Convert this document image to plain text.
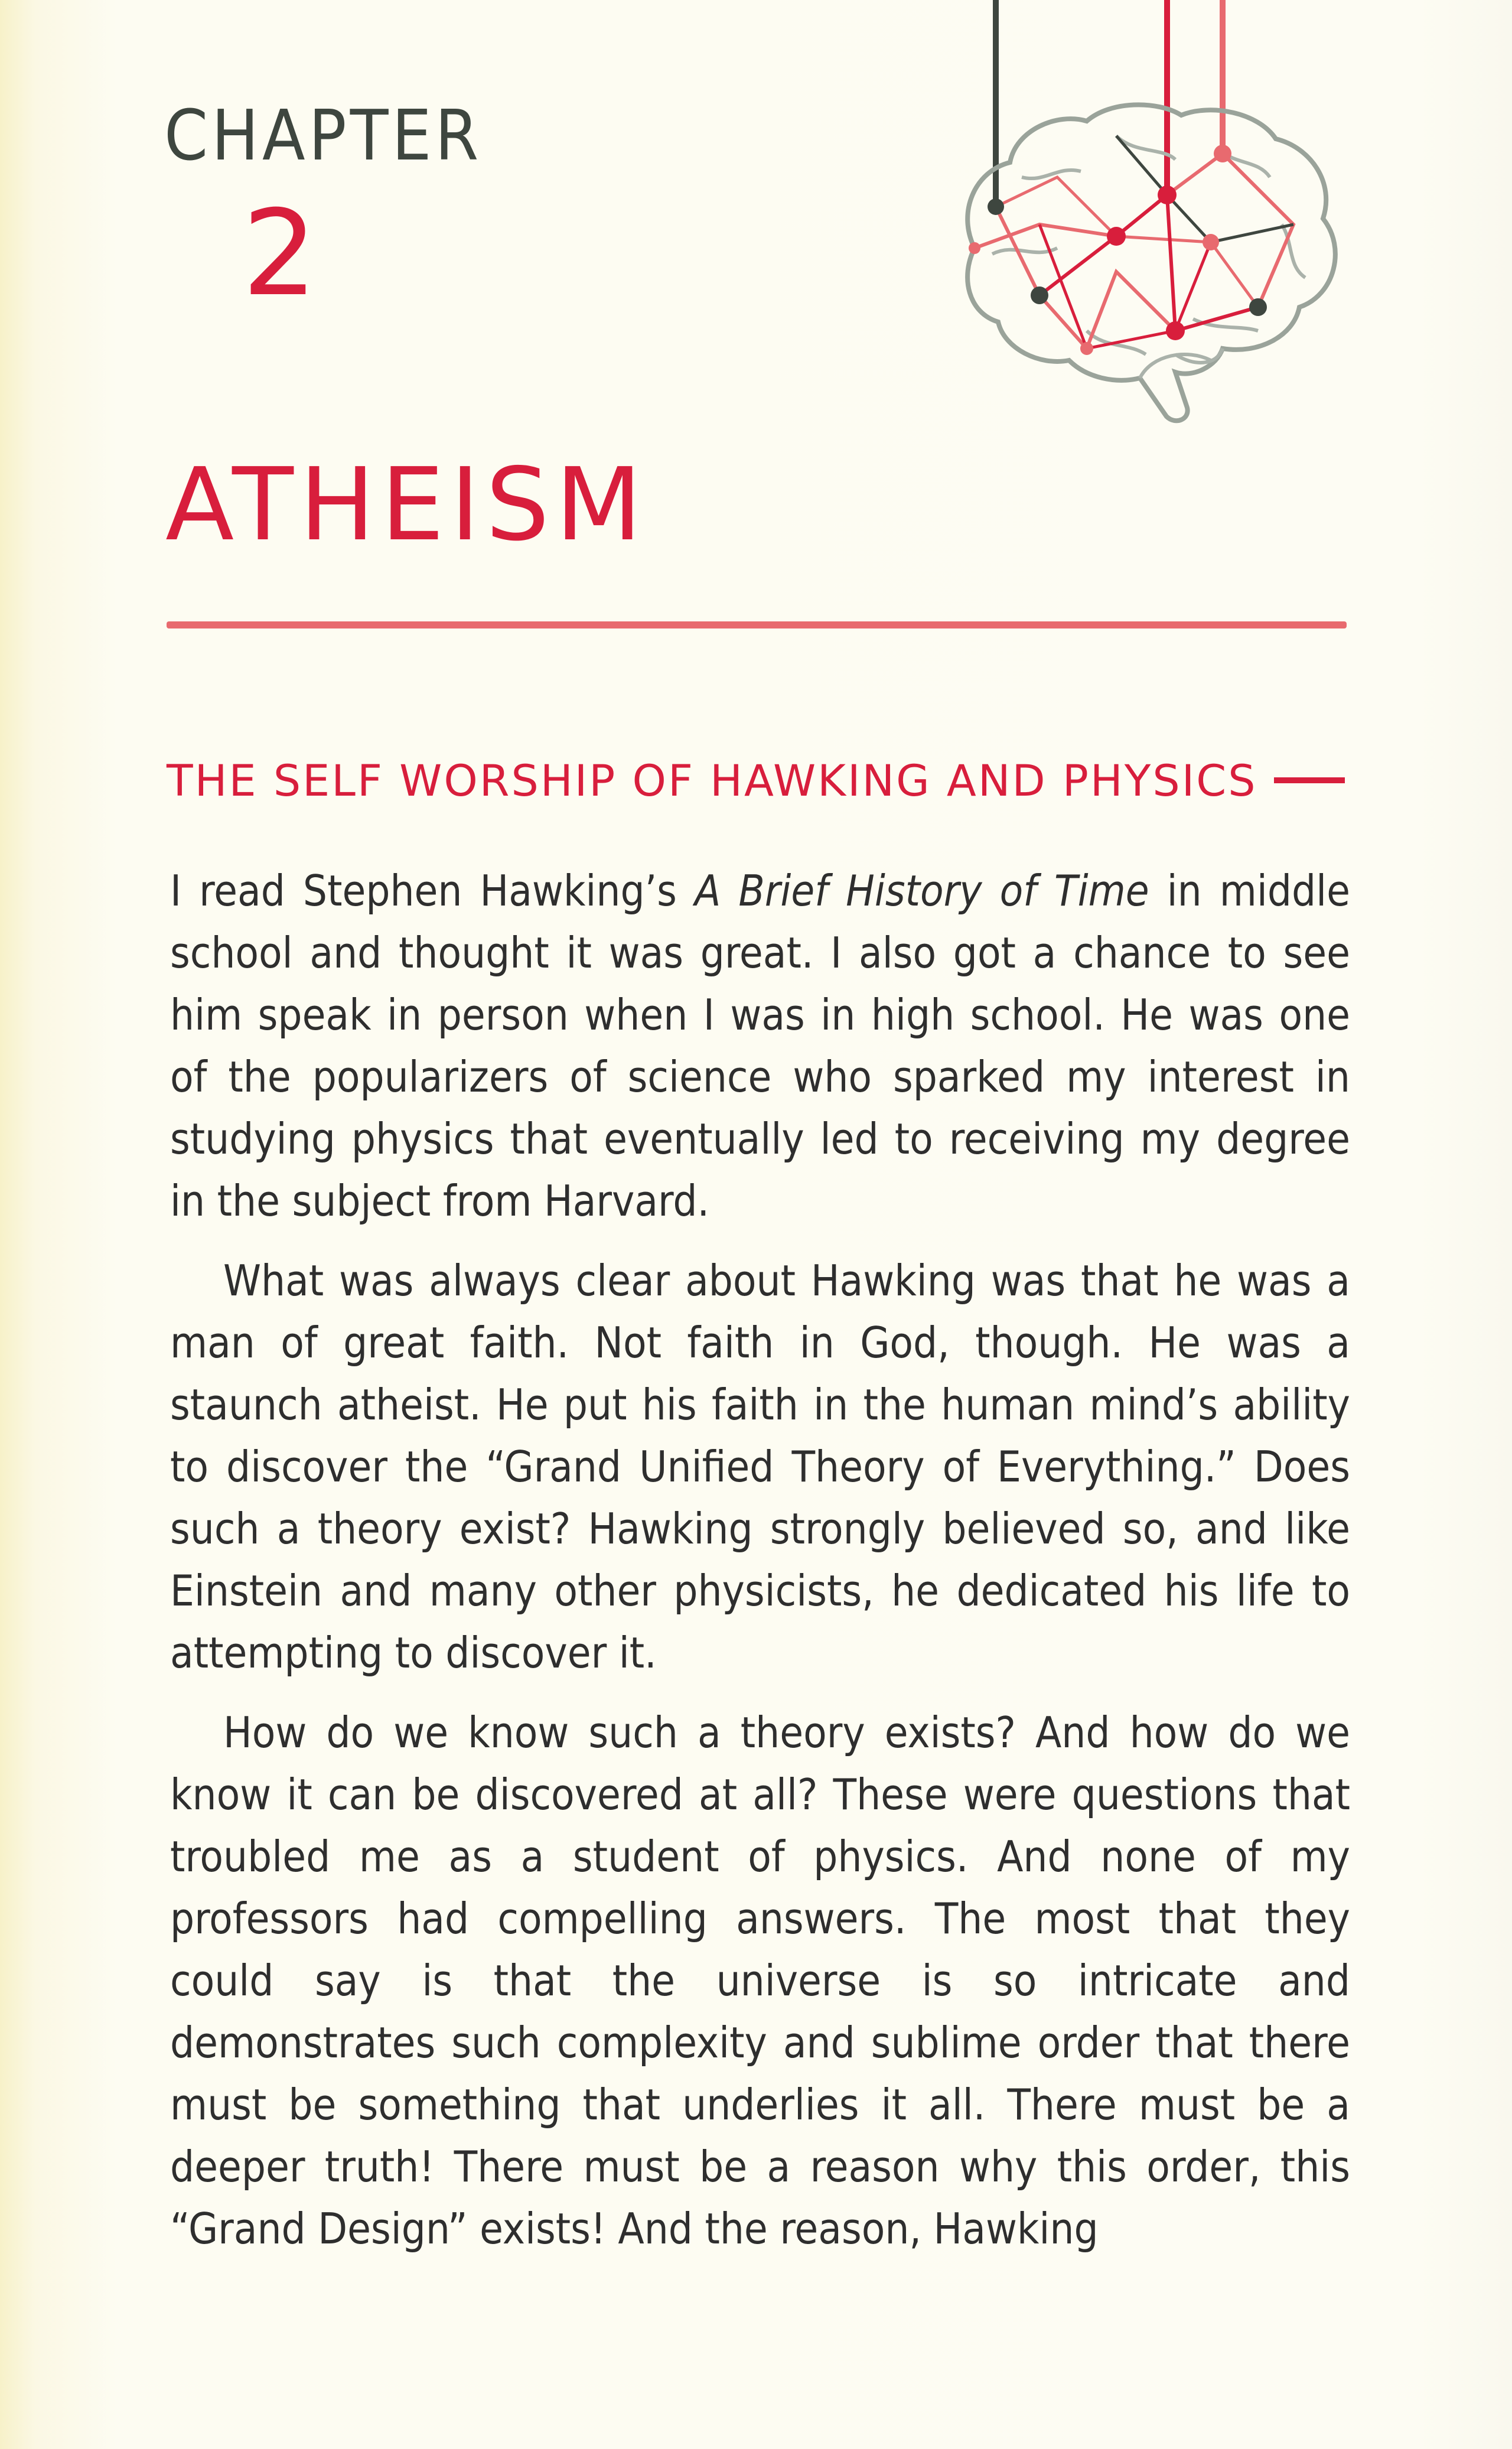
CHAPTER
2
ATHEISM
THE SELF WORSHIP OF HAWKING AND PHYSICS

I read Stephen Hawking’s A Brief History of Time in middle school and thought it was great. I also got a chance to see him speak in person when I was in high school. He was one of the popularizers of science who sparked my interest in studying physics that eventually led to receiving my degree in the subject from Harvard.

What was always clear about Hawking was that he was a man of great faith. Not faith in God, though. He was a staunch atheist. He put his faith in the human mind’s ability to discover the “Grand Unified Theory of Everything.” Does such a theory exist? Hawking strongly believed so, and like Einstein and many other physicists, he dedicated his life to attempting to discover it.

How do we know such a theory exists? And how do we know it can be discovered at all? These were questions that troubled me as a student of physics. And none of my professors had compelling answers. The most that they could say is that the universe is so intricate and demonstrates such complexity and sublime order that there must be something that underlies it all. There must be a deeper truth! There must be a reason why this order, this “Grand Design” exists! And the reason, Hawking
